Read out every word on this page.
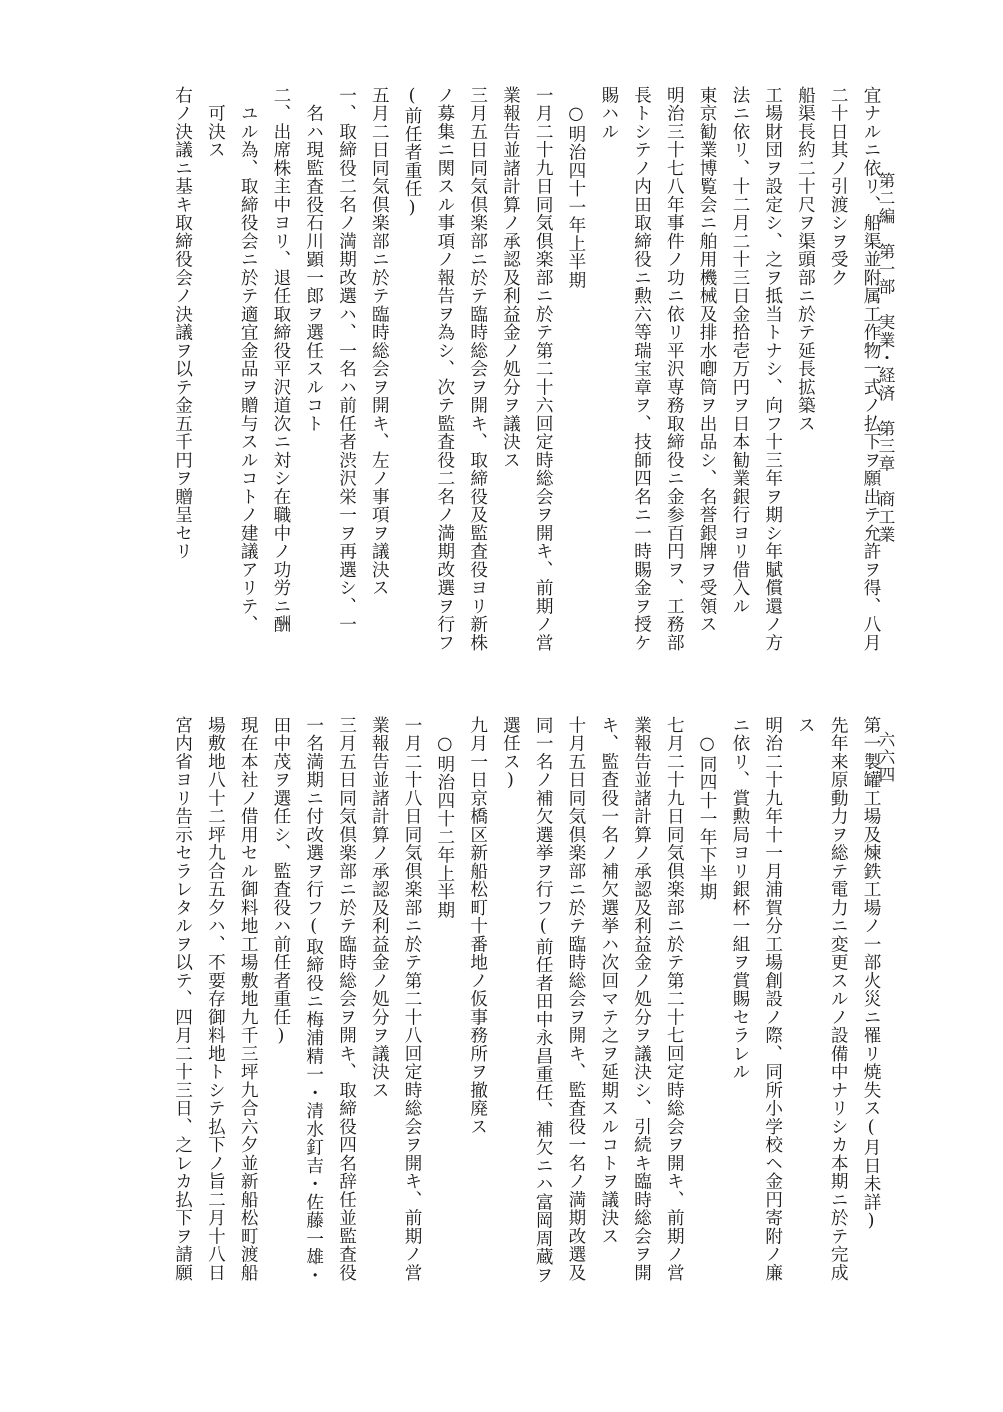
第二編　第一部　実業・経済　第三章　商工業
六六四
宜ナルニ依リ、船渠並附属工作物一式ノ払下ヲ願出テ允許ヲ得、八月
二十日其ノ引渡シヲ受ク
船渠長約二十尺ヲ渠頭部ニ於テ延長拡築ス
工場財団ヲ設定シ、之ヲ抵当トナシ、向フ十三年ヲ期シ年賦償還ノ方
法ニ依リ、十二月二十三日金拾壱万円ヲ日本勧業銀行ヨリ借入ル
東京勧業博覧会ニ舶用機械及排水喞筒ヲ出品シ、名誉銀牌ヲ受領ス
明治三十七八年事件ノ功ニ依リ平沢専務取締役ニ金参百円ヲ、工務部
長トシテノ内田取締役ニ勲六等瑞宝章ヲ、技師四名ニ一時賜金ヲ授ケ
賜ハル
　○明治四十一年上半期
一月二十九日同気倶楽部ニ於テ第二十六回定時総会ヲ開キ、前期ノ営
業報告並諸計算ノ承認及利益金ノ処分ヲ議決ス
三月五日同気倶楽部ニ於テ臨時総会ヲ開キ、取締役及監査役ヨリ新株
ノ募集ニ関スル事項ノ報告ヲ為シ、次テ監査役二名ノ満期改選ヲ行フ
(前任者重任)
五月二日同気倶楽部ニ於テ臨時総会ヲ開キ、左ノ事項ヲ議決ス
一、取締役二名ノ満期改選ハ、一名ハ前任者渋沢栄一ヲ再選シ、一
　名ハ現監査役石川顕一郎ヲ選任スルコト
二、出席株主中ヨリ、退任取締役平沢道次ニ対シ在職中ノ功労ニ酬
　ユル為、取締役会ニ於テ適宜金品ヲ贈与スルコトノ建議アリテ、
　可決ス
右ノ決議ニ基キ取締役会ノ決議ヲ以テ金五千円ヲ贈呈セリ
第一製罐工場及煉鉄工場ノ一部火災ニ罹リ焼失ス(月日未詳)
先年来原動力ヲ総テ電力ニ変更スルノ設備中ナリシカ本期ニ於テ完成
ス
明治二十九年十一月浦賀分工場創設ノ際、同所小学校ヘ金円寄附ノ廉
ニ依リ、賞勲局ヨリ銀杯一組ヲ賞賜セラレル
　○同四十一年下半期
七月二十九日同気倶楽部ニ於テ第二十七回定時総会ヲ開キ、前期ノ営
業報告並諸計算ノ承認及利益金ノ処分ヲ議決シ、引続キ臨時総会ヲ開
キ、監査役一名ノ補欠選挙ハ次回マテ之ヲ延期スルコトヲ議決ス
十月五日同気倶楽部ニ於テ臨時総会ヲ開キ、監査役一名ノ満期改選及
同一名ノ補欠選挙ヲ行フ(前任者田中永昌重任、補欠ニハ富岡周蔵ヲ
選任ス)
九月一日京橋区新船松町十番地ノ仮事務所ヲ撤廃ス
　○明治四十二年上半期
一月二十八日同気倶楽部ニ於テ第二十八回定時総会ヲ開キ、前期ノ営
業報告並諸計算ノ承認及利益金ノ処分ヲ議決ス
三月五日同気倶楽部ニ於テ臨時総会ヲ開キ、取締役四名辞任並監査役
一名満期ニ付改選ヲ行フ(取締役ニ梅浦精一・清水釘吉・佐藤一雄・
田中茂ヲ選任シ、監査役ハ前任者重任)
現在本社ノ借用セル御料地工場敷地九千三坪九合六夕並新船松町渡船
場敷地八十二坪九合五夕ハ、不要存御料地トシテ払下ノ旨二月十八日
宮内省ヨリ告示セラレタルヲ以テ、四月二十三日、之レカ払下ヲ請願
